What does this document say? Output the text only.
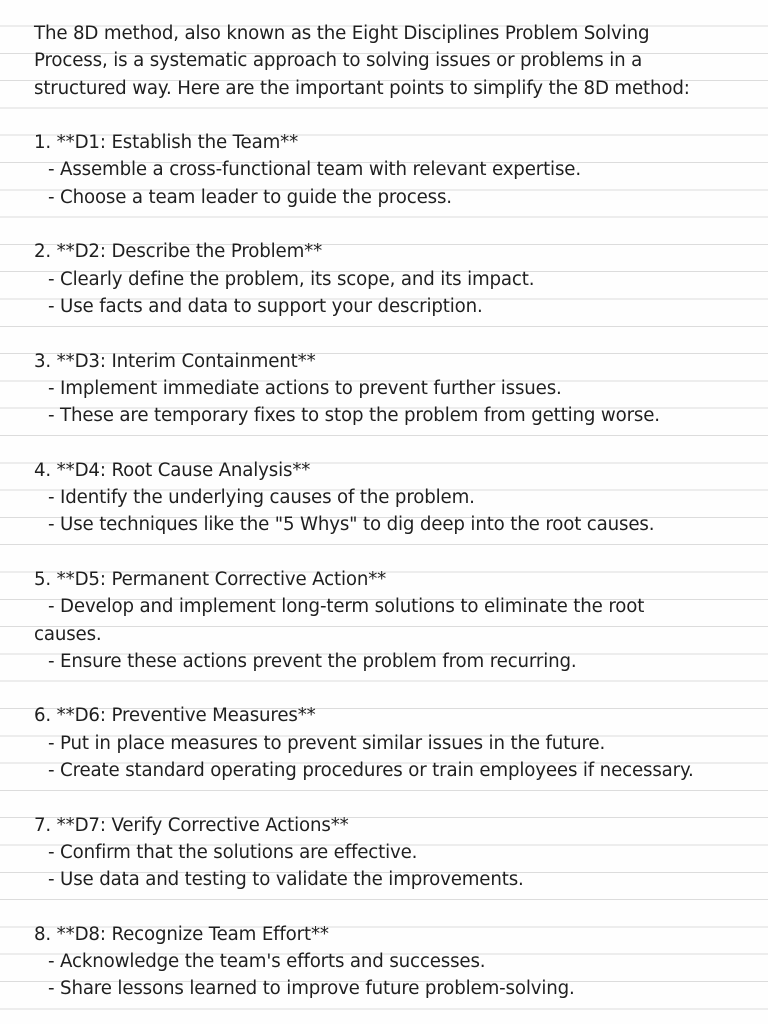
The 8D method, also known as the Eight Disciplines Problem Solving
Process, is a systematic approach to solving issues or problems in a
structured way. Here are the important points to simplify the 8D method:
1. **D1: Establish the Team**
- Assemble a cross-functional team with relevant expertise.
- Choose a team leader to guide the process.
2. **D2: Describe the Problem**
- Clearly define the problem, its scope, and its impact.
- Use facts and data to support your description.
3. **D3: Interim Containment**
- Implement immediate actions to prevent further issues.
- These are temporary fixes to stop the problem from getting worse.
4. **D4: Root Cause Analysis**
- Identify the underlying causes of the problem.
- Use techniques like the "5 Whys" to dig deep into the root causes.
5. **D5: Permanent Corrective Action**
- Develop and implement long-term solutions to eliminate the root
causes.
- Ensure these actions prevent the problem from recurring.
6. **D6: Preventive Measures**
- Put in place measures to prevent similar issues in the future.
- Create standard operating procedures or train employees if necessary.
7. **D7: Verify Corrective Actions**
- Confirm that the solutions are effective.
- Use data and testing to validate the improvements.
8. **D8: Recognize Team Effort**
- Acknowledge the team's efforts and successes.
- Share lessons learned to improve future problem-solving.
